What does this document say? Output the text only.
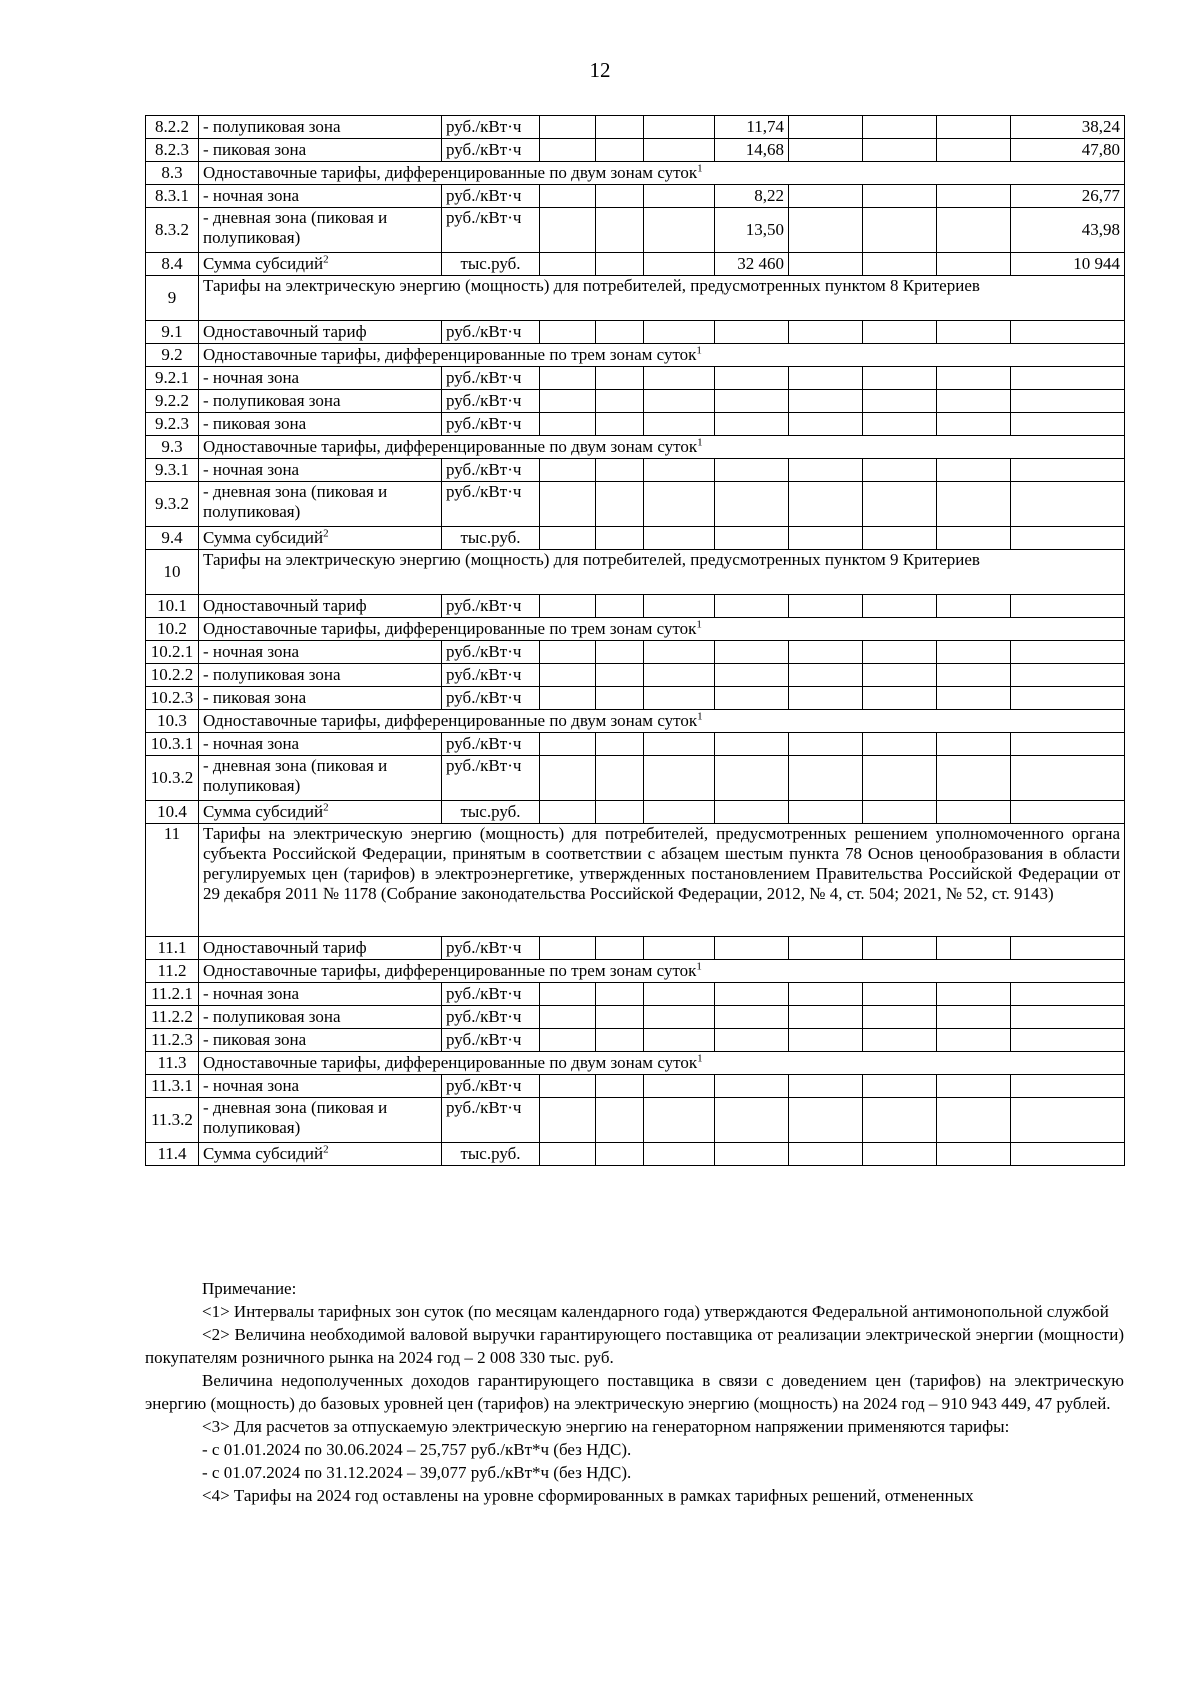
12
8.2.2	- полупиковая зона	руб./кВт·ч				11,74				38,24
8.2.3	- пиковая зона	руб./кВт·ч				14,68				47,80
8.3	Одноставочные тарифы, дифференцированные по двум зонам суток$^1$
8.3.1	- ночная зона	руб./кВт·ч				8,22				26,77
8.3.2	- дневная зона (пиковая и полупиковая)	руб./кВт·ч				13,50				43,98
8.4	Сумма субсидий$^2$	тыс.руб.				32 460				10 944
9	Тарифы на электрическую энергию (мощность) для потребителей, предусмотренных пунктом 8 Критериев									
9.1	Одноставочный тариф	руб./кВт·ч								
9.2	Одноставочные тарифы, дифференцированные по трем зонам суток$^1$
9.2.1	- ночная зона	руб./кВт·ч								
9.2.2	- полупиковая зона	руб./кВт·ч								
9.2.3	- пиковая зона	руб./кВт·ч								
9.3	Одноставочные тарифы, дифференцированные по двум зонам суток$^1$
9.3.1	- ночная зона	руб./кВт·ч								
9.3.2	- дневная зона (пиковая и полупиковая)	руб./кВт·ч								
9.4	Сумма субсидий$^2$	тыс.руб.								
10	Тарифы на электрическую энергию (мощность) для потребителей, предусмотренных пунктом 9 Критериев									
10.1	Одноставочный тариф	руб./кВт·ч								
10.2	Одноставочные тарифы, дифференцированные по трем зонам суток$^1$
10.2.1	- ночная зона	руб./кВт·ч								
10.2.2	- полупиковая зона	руб./кВт·ч								
10.2.3	- пиковая зона	руб./кВт·ч								
10.3	Одноставочные тарифы, дифференцированные по двум зонам суток$^1$
10.3.1	- ночная зона	руб./кВт·ч								
10.3.2	- дневная зона (пиковая и полупиковая)	руб./кВт·ч								
10.4	Сумма субсидий$^2$	тыс.руб.								
11	Тарифы на электрическую энергию (мощность) для потребителей, предусмотренных решением уполномоченного органа субъекта Российской Федерации, принятым в соответствии с абзацем шестым пункта 78 Основ ценообразования в области регулируемых цен (тарифов) в электроэнергетике, утвержденных постановлением Правительства Российской Федерации от 29 декабря 2011 № 1178 (Собрание законодательства Российской Федерации, 2012, № 4, ст. 504; 2021, № 52, ст. 9143)									
11.1	Одноставочный тариф	руб./кВт·ч								
11.2	Одноставочные тарифы, дифференцированные по трем зонам суток$^1$
11.2.1	- ночная зона	руб./кВт·ч								
11.2.2	- полупиковая зона	руб./кВт·ч								
11.2.3	- пиковая зона	руб./кВт·ч								
11.3	Одноставочные тарифы, дифференцированные по двум зонам суток$^1$
11.3.1	- ночная зона	руб./кВт·ч								
11.3.2	- дневная зона (пиковая и полупиковая)	руб./кВт·ч								
11.4	Сумма субсидий$^2$	тыс.руб.								

Примечание:

<1> Интервалы тарифных зон суток (по месяцам календарного года) утверждаются Федеральной антимонопольной службой

<2> Величина необходимой валовой выручки гарантирующего поставщика от реализации электрической энергии (мощности) покупателям розничного рынка на 2024 год – 2 008 330 тыс. руб.

Величина недополученных доходов гарантирующего поставщика в связи с доведением цен (тарифов) на электрическую энергию (мощность) до базовых уровней цен (тарифов) на электрическую энергию (мощность) на 2024 год – 910 943 449, 47 рублей.

<3> Для расчетов за отпускаемую электрическую энергию на генераторном напряжении применяются тарифы:

- с 01.01.2024 по 30.06.2024 – 25,757 руб./кВт*ч (без НДС).

- с 01.07.2024 по 31.12.2024 – 39,077 руб./кВт*ч (без НДС).

<4> Тарифы на 2024 год оставлены на уровне сформированных в рамках тарифных решений, отмененных
